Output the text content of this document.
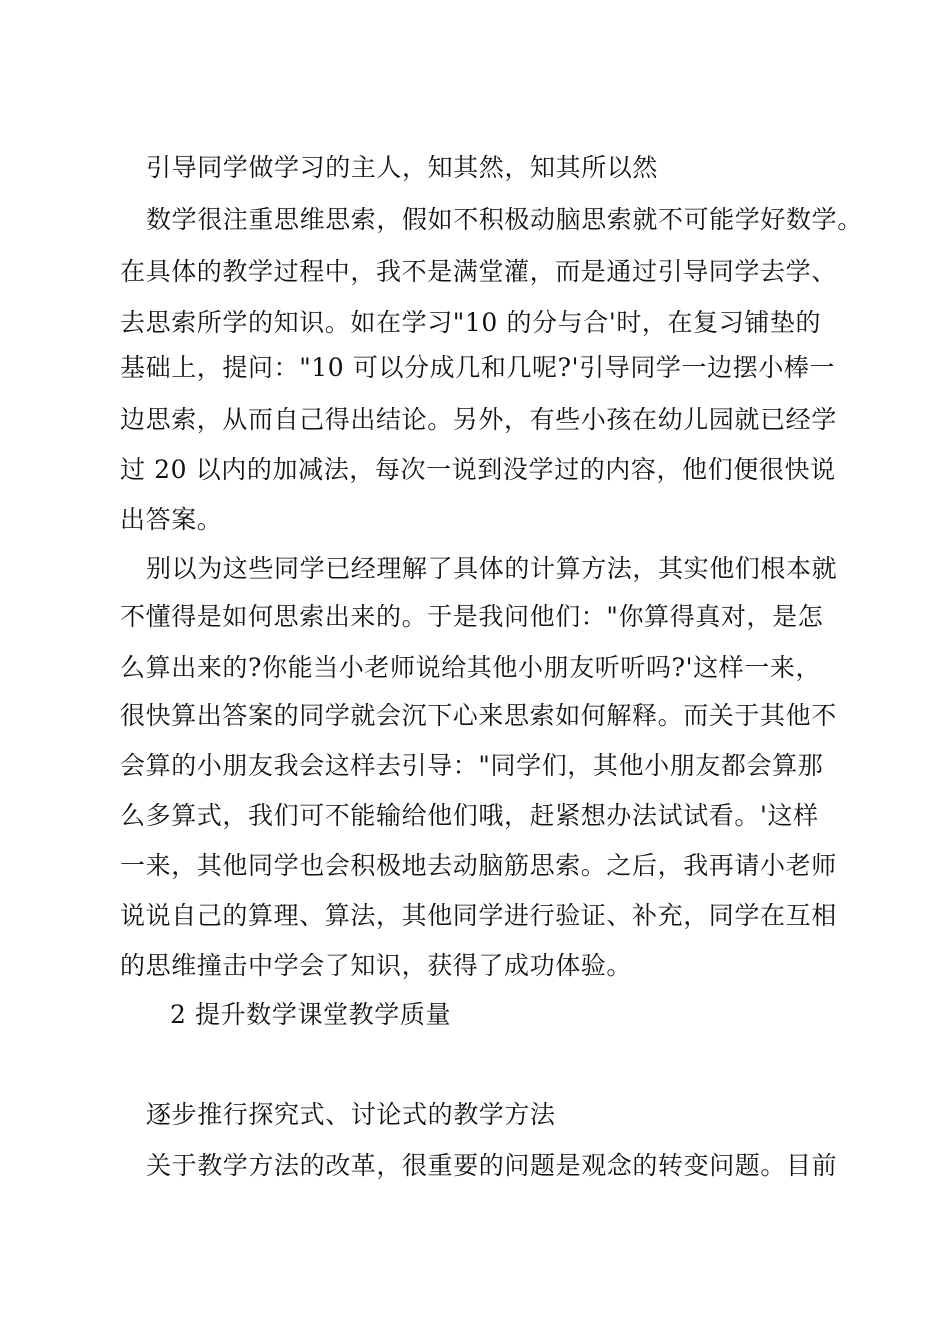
引导同学做学习的主人，知其然，知其所以然
数学很注重思维思索，假如不积极动脑思索就不可能学好数学。
在具体的教学过程中，我不是满堂灌，而是通过引导同学去学、
去思索所学的知识。如在学习"10 的分与合'时，在复习铺垫的
基础上，提问："10 可以分成几和几呢?'引导同学一边摆小棒一
边思索，从而自己得出结论。另外，有些小孩在幼儿园就已经学
过 20 以内的加减法，每次一说到没学过的内容，他们便很快说
出答案。
别以为这些同学已经理解了具体的计算方法，其实他们根本就
不懂得是如何思索出来的。于是我问他们："你算得真对，是怎
么算出来的?你能当小老师说给其他小朋友听听吗?'这样一来，
很快算出答案的同学就会沉下心来思索如何解释。而关于其他不
会算的小朋友我会这样去引导："同学们，其他小朋友都会算那
么多算式，我们可不能输给他们哦，赶紧想办法试试看。'这样
一来，其他同学也会积极地去动脑筋思索。之后，我再请小老师
说说自己的算理、算法，其他同学进行验证、补充，同学在互相
的思维撞击中学会了知识，获得了成功体验。
2 提升数学课堂教学质量
逐步推行探究式、讨论式的教学方法
关于教学方法的改革，很重要的问题是观念的转变问题。目前
